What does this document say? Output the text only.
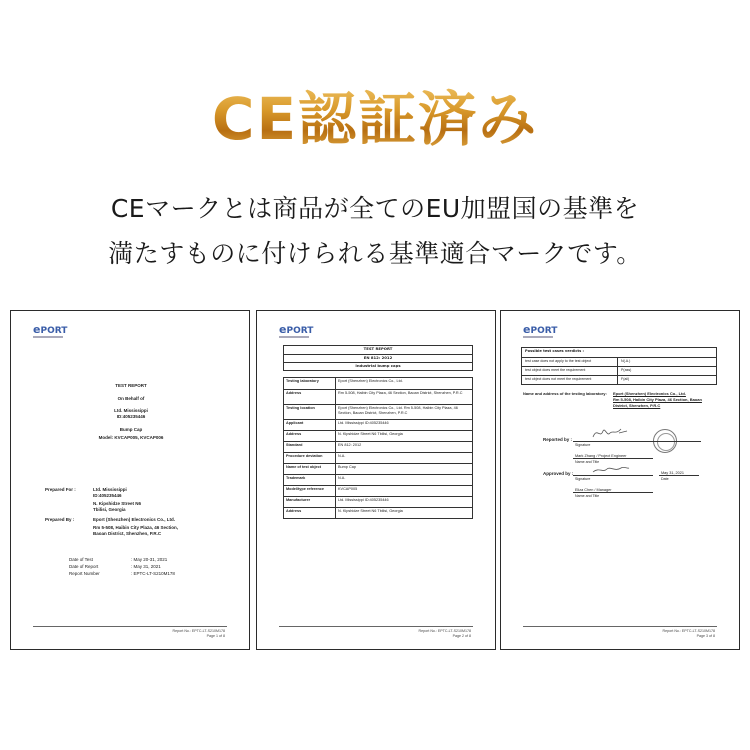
CE認証済み
CEマークとは商品が全てのEU加盟国の基準を
満たすものに付けられる基準適合マークです。
ePORT
TEST REPORT
On Behalf of
Ltd. Mississippi
ID:405235446
Bump Cap
Model: KVCAP005, KVCAP006
Prepared For :	Ltd. Mississippi
ID:405235446
N. Kipshidze Street N6
Tbilisi, Georgia
Prepared By :	Eport (Shenzhen) Electronics Co., Ltd.
Rm 5-508, Haibin City Plaza, 46 Section,
Baoan District, Shenzhen, P.R.C
Date of Test	: May 20-31, 2021
Date of Report	: May 31, 2021
Report Number	: EPTC-LT-S210M178
Report No.: EPTC-LT-S210M178
Page 1 of 8
ePORT
TEST REPORT
EN 812: 2012
Industrial bump caps
Testing laboratory	Eport (Shenzhen) Electronics Co., Ltd.
Address	Rm 5-508, Haibin City Plaza, 46 Section, Baoan District, Shenzhen, P.R.C
Testing location	Eport (Shenzhen) Electronics Co., Ltd. Rm 5-508, Haibin City Plaza, 46 Section, Baoan District, Shenzhen, P.R.C
Applicant	Ltd. Mississippi ID:405235446
Address	N. Kipshidze Street N6 Tbilisi, Georgia
Standard	EN 812: 2012
Procedure deviation	N.A.
Name of test object	Bump Cap
Trademark	N.A.
Model/type reference	KVCAP005
Manufacturer	Ltd. Mississippi ID:405235446
Address	N. Kipshidze Street N6 Tbilisi, Georgia
Report No.: EPTC-LT-S210M178
Page 2 of 8
ePORT
Possible test cases verdicts :
test case does not apply to the test object	N(.A.)
test object does meet the requirement	P(ass)
test object does not meet the requirement	F(ail)
Name and address of the testing laboratory: Eport (Shenzhen) Electronics Co., Ltd.
Rm 5-508, Haibin City Plaza, 46 Section, Baoan
District, Shenzhen, P.R.C
Reported by :
Signature
Mark Zhang / Project Engineer
Name and Title
Approved by :
Signature
May 31, 2021
Date
Eliza Chen / Manager
Name and Title
Report No.: EPTC-LT-S210M178
Page 3 of 8
